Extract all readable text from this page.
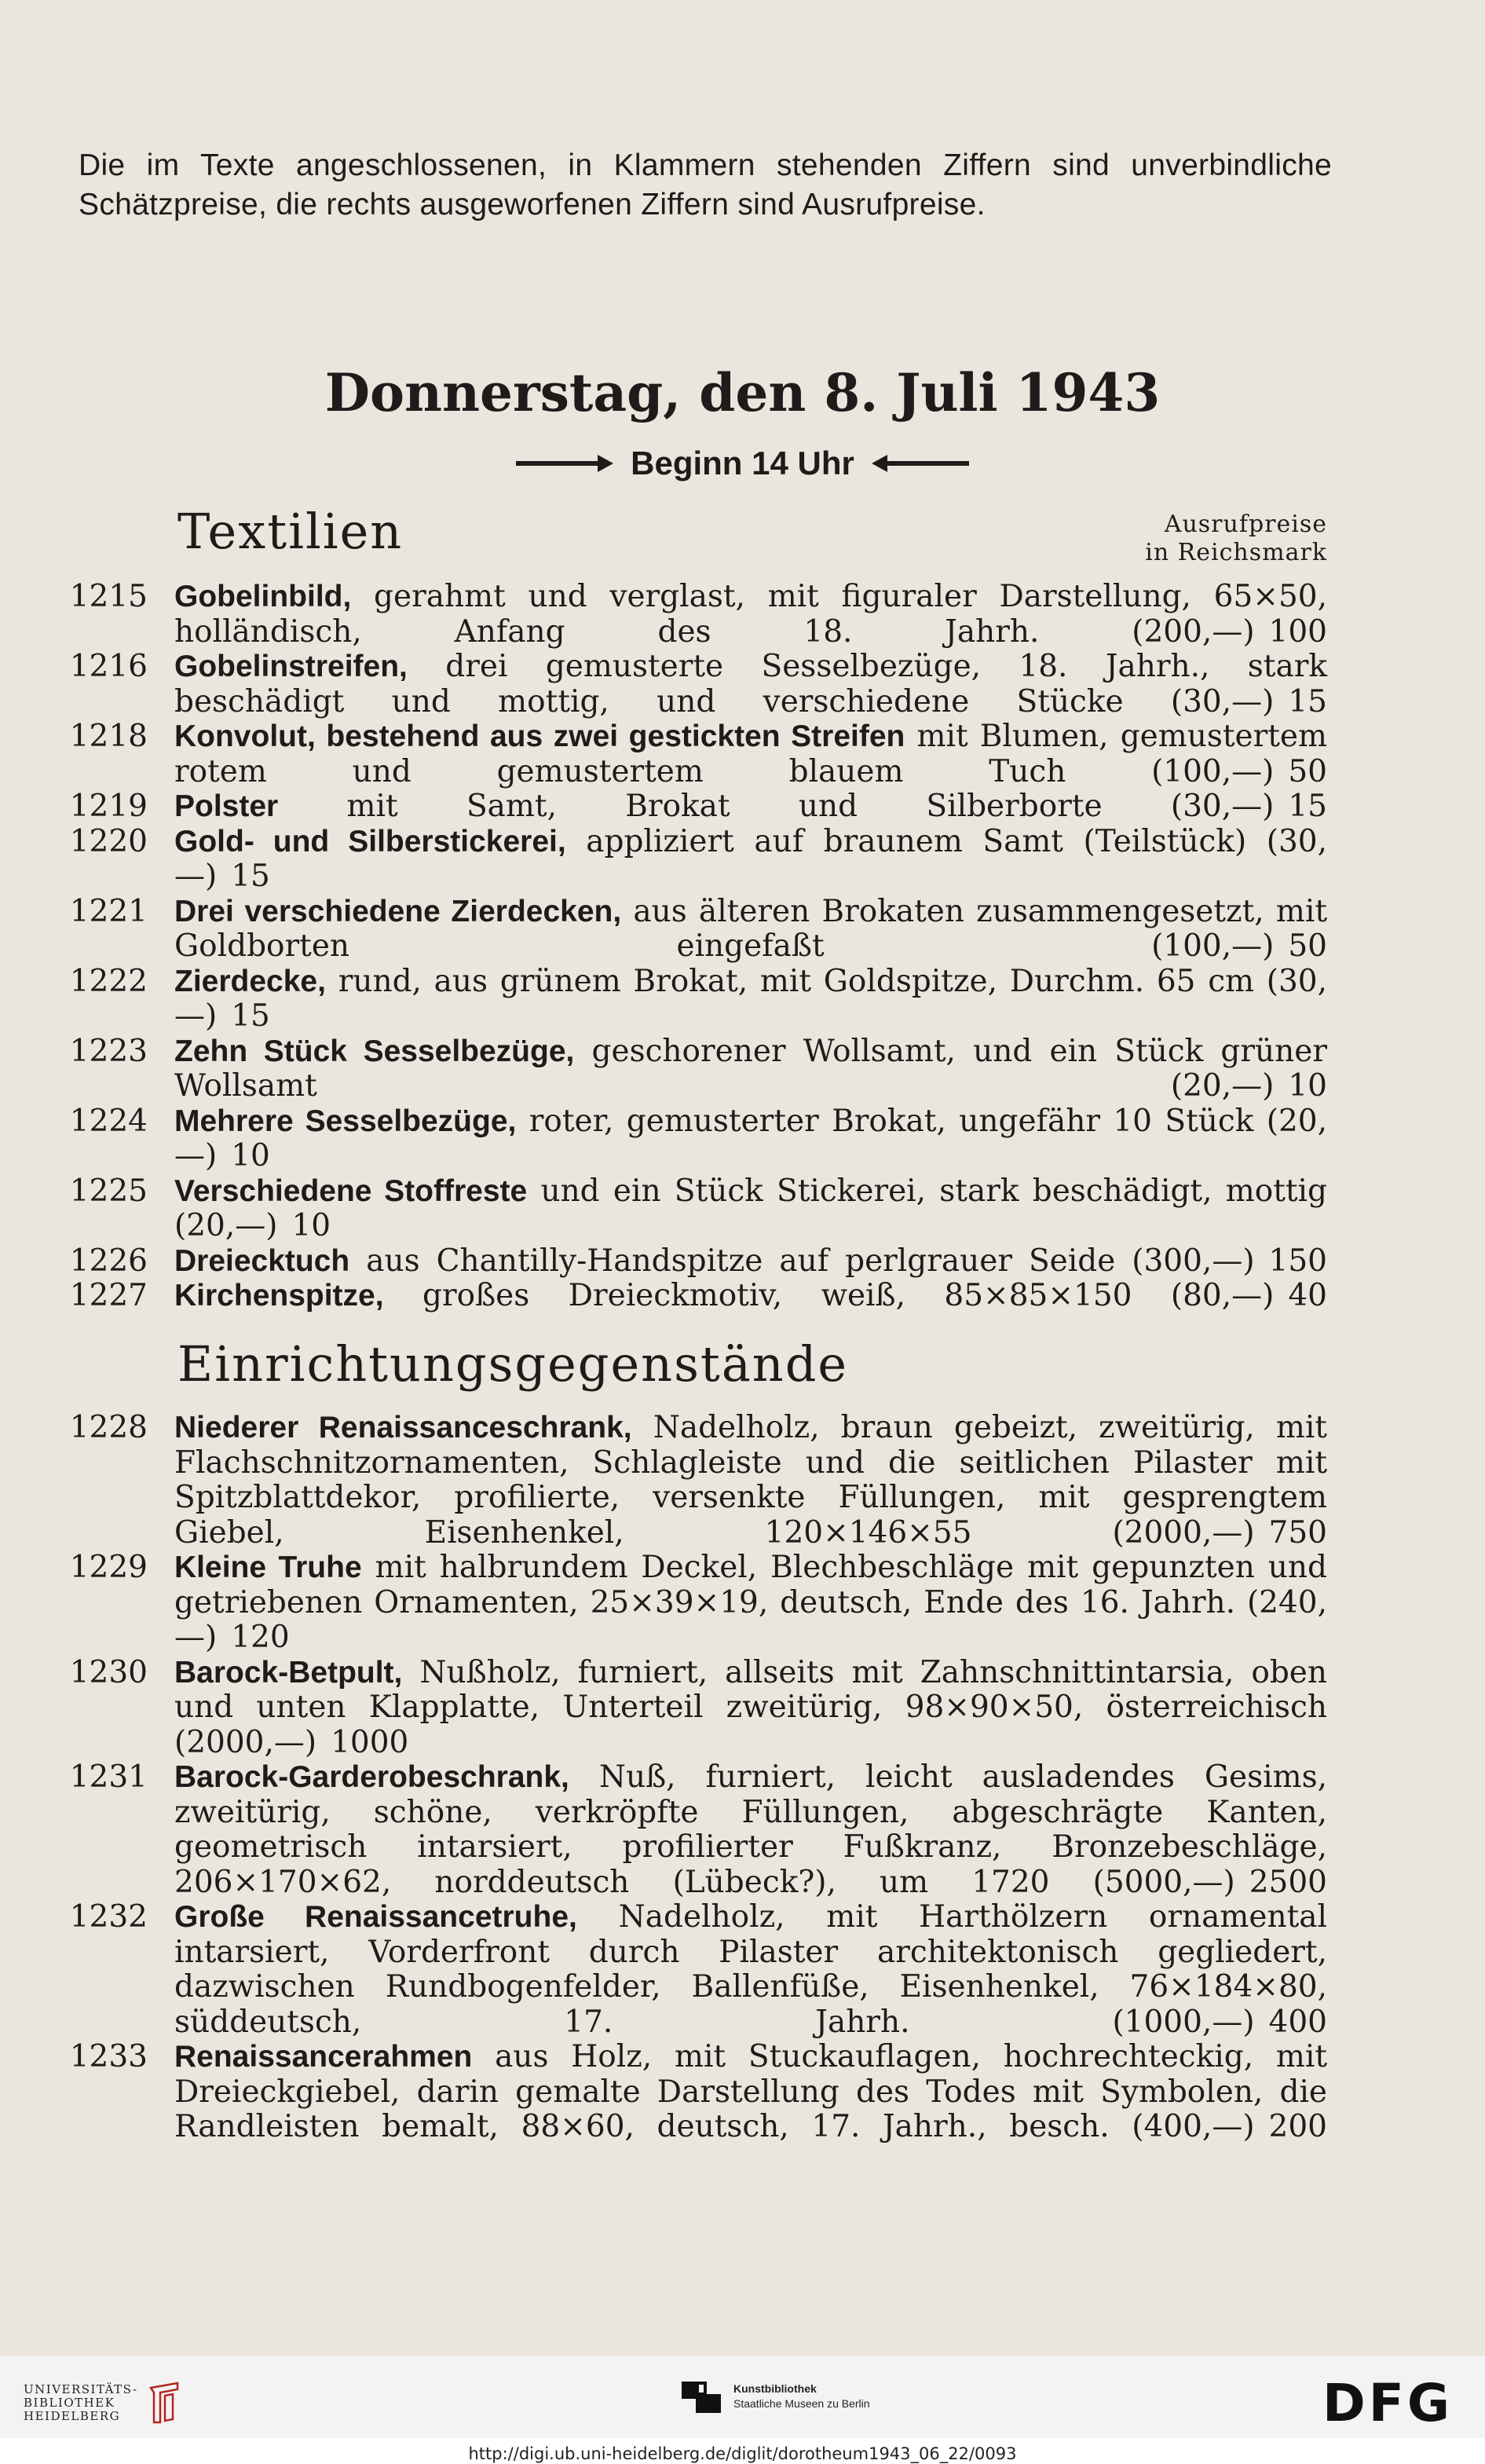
Die im Texte angeschlossenen, in Klammern stehenden Ziffern sind unverbindliche Schätzpreise, die rechts ausgeworfenen Ziffern sind Ausrufpreise.
Donnerstag, den 8. Juli 1943
Beginn 14 Uhr
Textilien	Ausrufpreise
in Reichsmark
1215 Gobelinbild, gerahmt und verglast, mit figuraler Darstellung, 65×50, holländisch, Anfang des 18. Jahrh. (200,—) 100
1216 Gobelinstreifen, drei gemusterte Sesselbezüge, 18. Jahrh., stark beschädigt und mottig, und verschiedene Stücke (30,—) 15
1218 Konvolut, bestehend aus zwei gestickten Streifen mit Blumen, gemustertem rotem und gemustertem blauem Tuch (100,—) 50
1219 Polster mit Samt, Brokat und Silberborte (30,—) 15
1220 Gold- und Silberstickerei, appliziert auf braunem Samt (Teilstück) (30,—) 15
1221 Drei verschiedene Zierdecken, aus älteren Brokaten zusammengesetzt, mit Goldborten eingefaßt (100,—) 50
1222 Zierdecke, rund, aus grünem Brokat, mit Goldspitze, Durchm. 65 cm (30,—) 15
1223 Zehn Stück Sesselbezüge, geschorener Wollsamt, und ein Stück grüner Wollsamt (20,—) 10
1224 Mehrere Sesselbezüge, roter, gemusterter Brokat, ungefähr 10 Stück (20,—) 10
1225 Verschiedene Stoffreste und ein Stück Stickerei, stark beschädigt, mottig (20,—) 10
1226 Dreiecktuch aus Chantilly-Handspitze auf perlgrauer Seide (300,—) 150
1227 Kirchenspitze, großes Dreieckmotiv, weiß, 85×85×150 (80,—) 40
Einrichtungsgegenstände
1228 Niederer Renaissanceschrank, Nadelholz, braun gebeizt, zweitürig, mit Flachschnitzornamenten, Schlagleiste und die seitlichen Pilaster mit Spitzblattdekor, profilierte, versenkte Füllungen, mit gesprengtem Giebel, Eisenhenkel, 120×146×55 (2000,—) 750
1229 Kleine Truhe mit halbrundem Deckel, Blechbeschläge mit gepunzten und getriebenen Ornamenten, 25×39×19, deutsch, Ende des 16. Jahrh. (240,—) 120
1230 Barock-Betpult, Nußholz, furniert, allseits mit Zahnschnittintarsia, oben und unten Klapplatte, Unterteil zweitürig, 98×90×50, österreichisch (2000,—) 1000
1231 Barock-Garderobeschrank, Nuß, furniert, leicht ausladendes Gesims, zweitürig, schöne, verkröpfte Füllungen, abgeschrägte Kanten, geometrisch intarsiert, profilierter Fußkranz, Bronzebeschläge, 206×170×62, norddeutsch (Lübeck?), um 1720 (5000,—) 2500
1232 Große Renaissancetruhe, Nadelholz, mit Harthölzern ornamental intarsiert, Vorderfront durch Pilaster architektonisch gegliedert, dazwischen Rundbogenfelder, Ballenfüße, Eisenhenkel, 76×184×80, süddeutsch, 17. Jahrh. (1000,—) 400
1233 Renaissancerahmen aus Holz, mit Stuckauflagen, hochrechteckig, mit Dreieckgiebel, darin gemalte Darstellung des Todes mit Symbolen, die Randleisten bemalt, 88×60, deutsch, 17. Jahrh., besch. (400,—) 200
UNIVERSITÄTS-
BIBLIOTHEK
HEIDELBERG
Kunstbibliothek
Staatliche Museen zu Berlin	DFG
http://digi.ub.uni-heidelberg.de/diglit/dorotheum1943_06_22/0093
